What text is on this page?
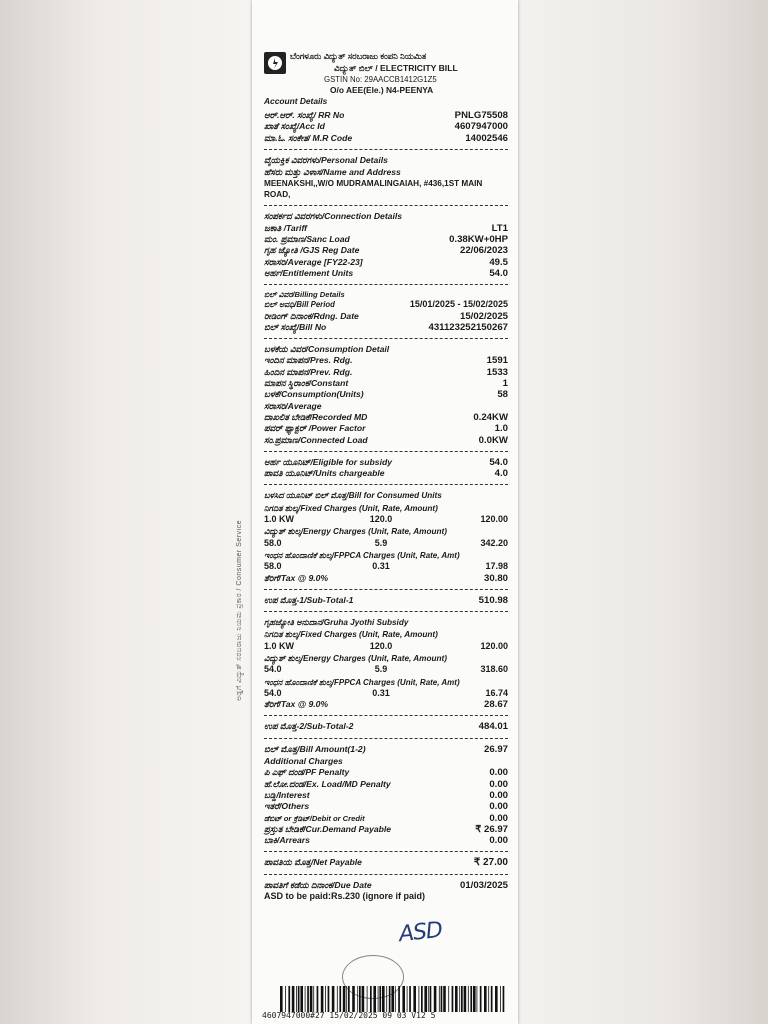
ಅಡ್ಡಗೆ ವಿದ್ಯುತ್ ಸರಬರಾಜು ನಿಯಮ ಪ್ರಕಾರ / Consumer Service
ಬೆಂಗಳೂರು ವಿದ್ಯುತ್ ಸರಬರಾಜು ಕಂಪನಿ ನಿಯಮಿತ
ವಿದ್ಯುತ್ ಬಿಲ್ / ELECTRICITY BILL
GSTIN No: 29AACCB1412G1Z5
O/o AEE(Ele.) N4-PEENYA
Account Details
ಆರ್.ಆರ್. ಸಂಖ್ಯೆ/ RR No	PNLG75508
ಖಾತೆ ಸಂಖ್ಯೆ/Acc Id	4607947000
ಮಾ.ಓ. ಸಂಕೇತ/ M.R Code	14002546
ವೈಯಕ್ತಿಕ ವಿವರಗಳು/Personal Details
ಹೆಸರು ಮತ್ತು ವಿಳಾಸ/Name and Address
MEENAKSHI,,W/O MUDRAMALINGAIAH, #436,1ST MAIN ROAD,
ಸಂಪರ್ಕದ ವಿವರಗಳು/Connection Details
ಜಕಾತಿ /Tariff	LT1
ಮಂ. ಪ್ರಮಾಣ/Sanc Load	0.38KW+0HP
ಗೃಹ ಜ್ಯೋತಿ /GJS Reg Date	22/06/2023
ಸರಾಸರಿ/Average [FY22-23]	49.5
ಅರ್ಹ/Entitlement Units	54.0
ಬಿಲ್ ವಿವರ/Billing Details
ಬಿಲ್ ಅವಧಿ/Bill Period	15/01/2025 - 15/02/2025
ರೀಡಿಂಗ್ ದಿನಾಂಕ/Rdng. Date	15/02/2025
ಬಿಲ್ ಸಂಖ್ಯೆ/Bill No	431123252150267
ಬಳಕೆಯ ವಿವರ/Consumption Detail
ಇಂದಿನ ಮಾಪನ/Pres. Rdg.	1591
ಹಿಂದಿನ ಮಾಪನ/Prev. Rdg.	1533
ಮಾಪನ ಸ್ಥಿರಾಂಕ/Constant	1
ಬಳಕೆ/Consumption(Units)	58
ಸರಾಸರಿ/Average
ದಾಖಲಿತ ಬೇಡಿಕೆ/Recorded MD	0.24KW
ಪವರ್ ಫ್ಯಾಕ್ಟರ್ /Power Factor	1.0
ಸಂ.ಪ್ರಮಾಣ/Connected Load	0.0KW
ಅರ್ಹ ಯೂನಿಟ್/Eligible for subsidy	54.0
ಪಾವತಿ ಯೂನಿಟ್/Units chargeable	4.0
ಬಳಸಿದ ಯೂನಿಟ್ ಬಿಲ್ ಮೊತ್ತ/Bill for Consumed Units
ನಿಗದಿತ ಶುಲ್ಕ/Fixed Charges (Unit, Rate, Amount)
1.0 KW	120.0	120.00
ವಿದ್ಯುತ್ ಶುಲ್ಕ/Energy Charges (Unit, Rate, Amount)
58.0	5.9	342.20
ಇಂಧನ ಹೊಂದಾಣಿಕೆ ಶುಲ್ಕ/FPPCA Charges (Unit, Rate, Amt)
58.0	0.31	17.98
ತೆರಿಗೆ/Tax @ 9.0%	30.80
ಉಪ ಮೊತ್ತ-1/Sub-Total-1	510.98
ಗೃಹಜ್ಯೋತಿ ಅನುದಾನ/Gruha Jyothi Subsidy
ನಿಗದಿತ ಶುಲ್ಕ/Fixed Charges (Unit, Rate, Amount)
1.0 KW	120.0	120.00
ವಿದ್ಯುತ್ ಶುಲ್ಕ/Energy Charges (Unit, Rate, Amount)
54.0	5.9	318.60
ಇಂಧನ ಹೊಂದಾಣಿಕೆ ಶುಲ್ಕ/FPPCA Charges (Unit, Rate, Amt)
54.0	0.31	16.74
ತೆರಿಗೆ/Tax @ 9.0%	28.67
ಉಪ ಮೊತ್ತ-2/Sub-Total-2	484.01
ಬಿಲ್ ಮೊತ್ತ/Bill Amount(1-2)	26.97
Additional Charges
ಪಿ ಎಫ್ ದಂಡ/PF Penalty	0.00
ಹೆ.ಲೋ.ದಂಡ/Ex. Load/MD Penalty	0.00
ಬಡ್ಡಿ/Interest	0.00
ಇತರೆ/Others	0.00
ಡೆಬಿಟ್ or ಕ್ರೆಡಿಟ್/Debit or Credit	0.00
ಪ್ರಸ್ತುತ ಬೇಡಿಕೆ/Cur.Demand Payable	₹ 26.97
ಬಾಕಿ/Arrears	0.00
ಪಾವತಿಯ ಮೊತ್ತ/Net Payable	₹ 27.00
ಪಾವತಿಗೆ ಕಡೆಯ ದಿನಾಂಕ/Due Date	01/03/2025
ASD to be paid:Rs.230 (ignore if paid)
ASD
4607947000#27 15/02/2025 09 03 V12 5
